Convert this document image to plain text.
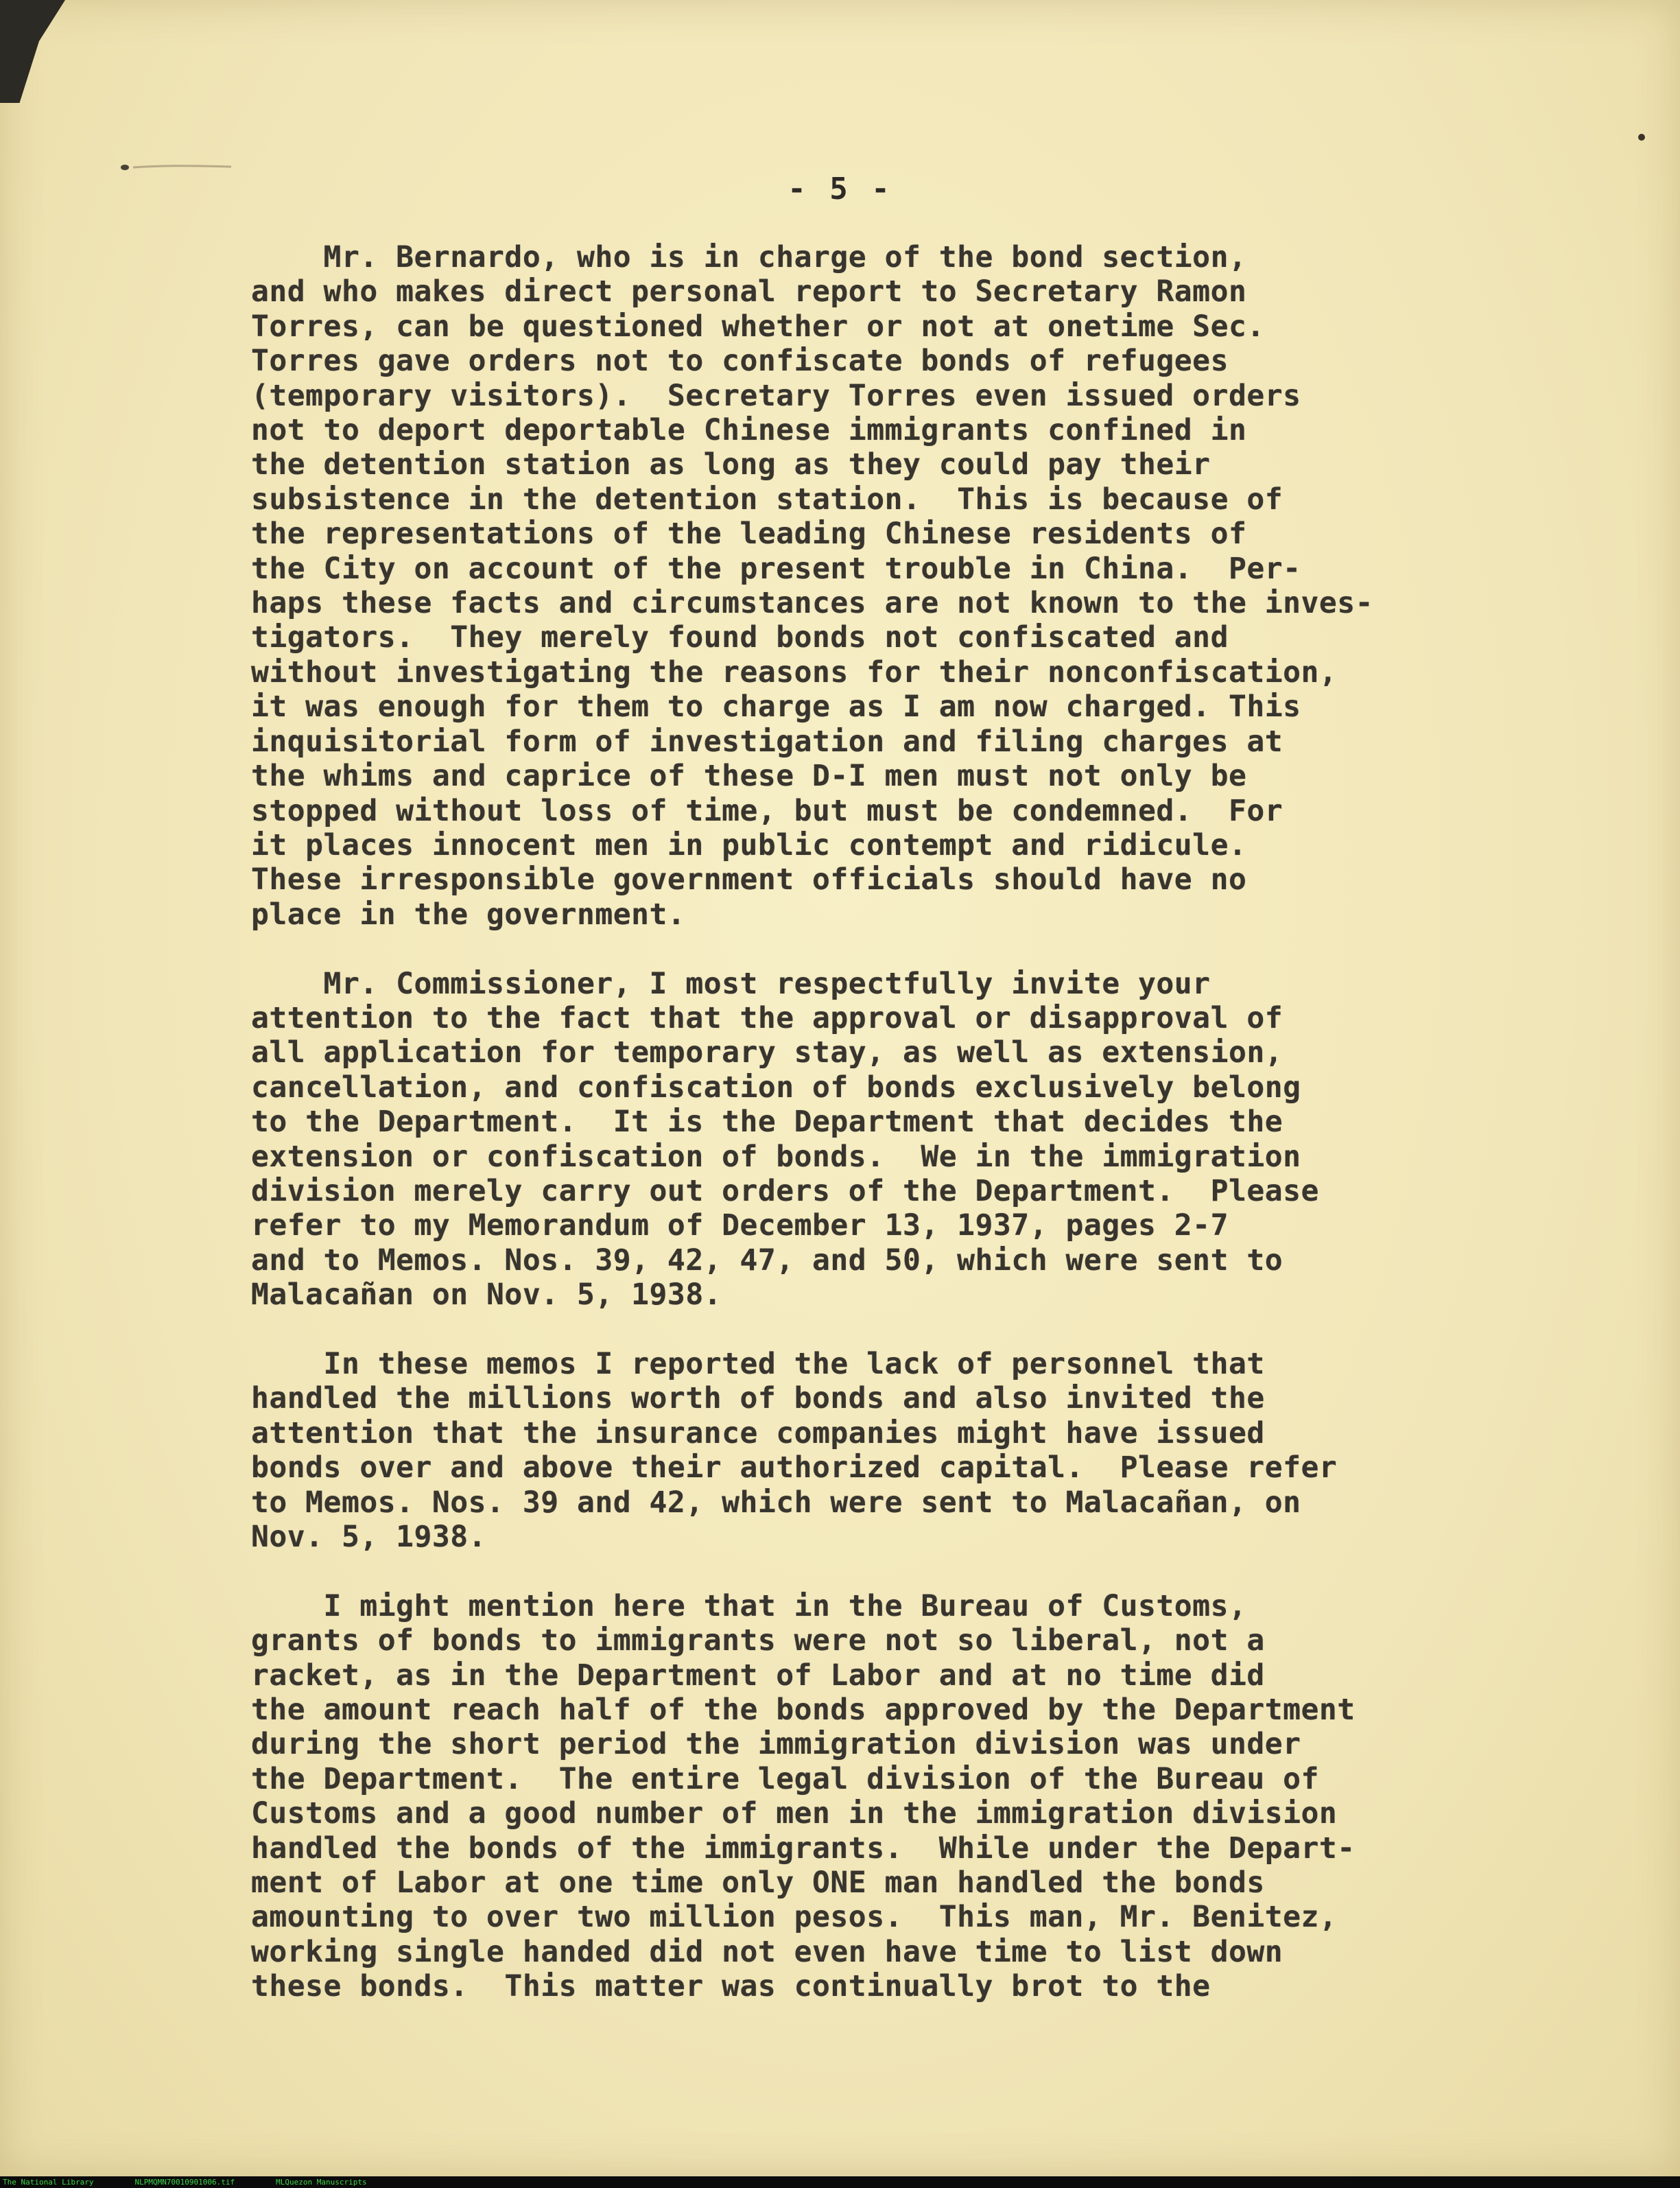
- 5 -
Mr. Bernardo, who is in charge of the bond section,
and who makes direct personal report to Secretary Ramon
Torres, can be questioned whether or not at onetime Sec.
Torres gave orders not to confiscate bonds of refugees
(temporary visitors).  Secretary Torres even issued orders
not to deport deportable Chinese immigrants confined in
the detention station as long as they could pay their
subsistence in the detention station.  This is because of
the representations of the leading Chinese residents of
the City on account of the present trouble in China.  Per-
haps these facts and circumstances are not known to the inves-
tigators.  They merely found bonds not confiscated and
without investigating the reasons for their nonconfiscation,
it was enough for them to charge as I am now charged. This
inquisitorial form of investigation and filing charges at
the whims and caprice of these D-I men must not only be
stopped without loss of time, but must be condemned.  For
it places innocent men in public contempt and ridicule.
These irresponsible government officials should have no
place in the government.
Mr. Commissioner, I most respectfully invite your
attention to the fact that the approval or disapproval of
all application for temporary stay, as well as extension,
cancellation, and confiscation of bonds exclusively belong
to the Department.  It is the Department that decides the
extension or confiscation of bonds.  We in the immigration
division merely carry out orders of the Department.  Please
refer to my Memorandum of December 13, 1937, pages 2-7
and to Memos. Nos. 39, 42, 47, and 50, which were sent to
Malacañan on Nov. 5, 1938.
In these memos I reported the lack of personnel that
handled the millions worth of bonds and also invited the
attention that the insurance companies might have issued
bonds over and above their authorized capital.  Please refer
to Memos. Nos. 39 and 42, which were sent to Malacañan, on
Nov. 5, 1938.
I might mention here that in the Bureau of Customs,
grants of bonds to immigrants were not so liberal, not a
racket, as in the Department of Labor and at no time did
the amount reach half of the bonds approved by the Department
during the short period the immigration division was under
the Department.  The entire legal division of the Bureau of
Customs and a good number of men in the immigration division
handled the bonds of the immigrants.  While under the Depart-
ment of Labor at one time only ONE man handled the bonds
amounting to over two million pesos.  This man, Mr. Benitez,
working single handed did not even have time to list down
these bonds.  This matter was continually brot to the
The National Library	NLPMQMN70010901006.tif	MLQuezon Manuscripts
